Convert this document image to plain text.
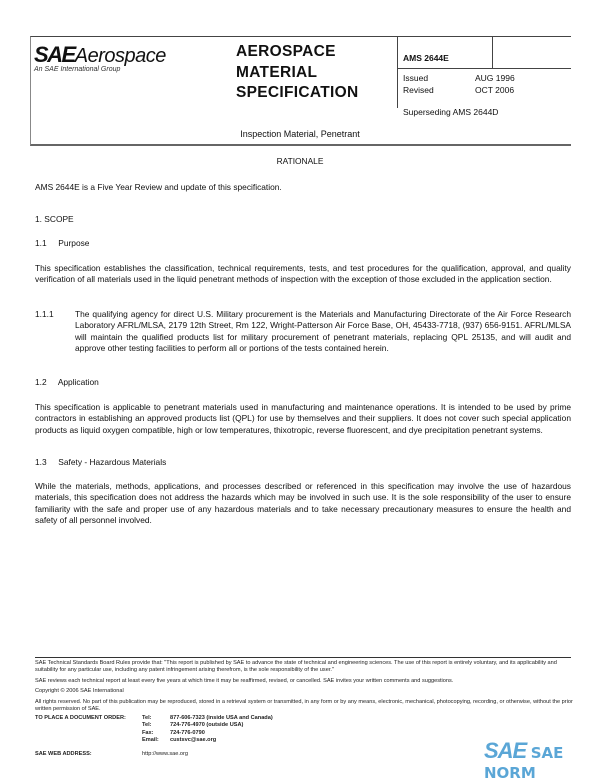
SAEAerospace
An SAE International Group
AEROSPACE
MATERIAL
SPECIFICATION
AMS 2644E
Issued	AUG 1996
Revised	OCT 2006
Superseding AMS 2644D
Inspection Material, Penetrant
RATIONALE

AMS 2644E is a Five Year Review and update of this specification.

1. SCOPE

1.1     Purpose

This specification establishes the classification, technical requirements, tests, and test procedures for the qualification, approval, and quality verification of all materials used in the liquid penetrant methods of inspection with the exception of those excluded in the application section.

1.1.1	The qualifying agency for direct U.S. Military procurement is the Materials and Manufacturing Directorate of the Air Force Research Laboratory AFRL/MLSA, 2179 12th Street, Rm 122, Wright-Patterson Air Force Base, OH, 45433-7718, (937) 656-9151. AFRL/MLSA will maintain the qualified products list for military procurement of penetrant materials, replacing QPL 25135, and will audit and approve other testing facilities to perform all or portions of the tests contained herein.

1.2     Application

This specification is applicable to penetrant materials used in manufacturing and maintenance operations. It is intended to be used by prime contractors in establishing an approved products list (QPL) for use by themselves and their suppliers. It does not cover such special application products as liquid oxygen compatible, high or low temperatures, thixotropic, reverse fluorescent, and dye precipitation penetrant systems.

1.3     Safety - Hazardous Materials

While the materials, methods, applications, and processes described or referenced in this specification may involve the use of hazardous materials, this specification does not address the hazards which may be involved in such use. It is the sole responsibility of the user to ensure familiarity with the safe and proper use of any hazardous materials and to take necessary precautionary measures to ensure the health and safety of all personnel involved.

SAE Technical Standards Board Rules provide that: "This report is published by SAE to advance the state of technical and engineering sciences. The use of this report is entirely voluntary, and its applicability and suitability for any particular use, including any patent infringement arising therefrom, is the sole responsibility of the user."
SAE reviews each technical report at least every five years at which time it may be reaffirmed, revised, or cancelled. SAE invites your written comments and suggestions.
Copyright © 2006 SAE International
All rights reserved. No part of this publication may be reproduced, stored in a retrieval system or transmitted, in any form or by any means, electronic, mechanical, photocopying, recording, or otherwise, without the prior written permission of SAE.
TO PLACE A DOCUMENT ORDER:	Tel:	877-606-7323 (inside USA and Canada)
Tel:	724-776-4970 (outside USA)
Fax:	724-776-0790
Email: custsvc@sae.org
SAE WEB ADDRESS:	http://www.sae.org	SAE SAE NORM
